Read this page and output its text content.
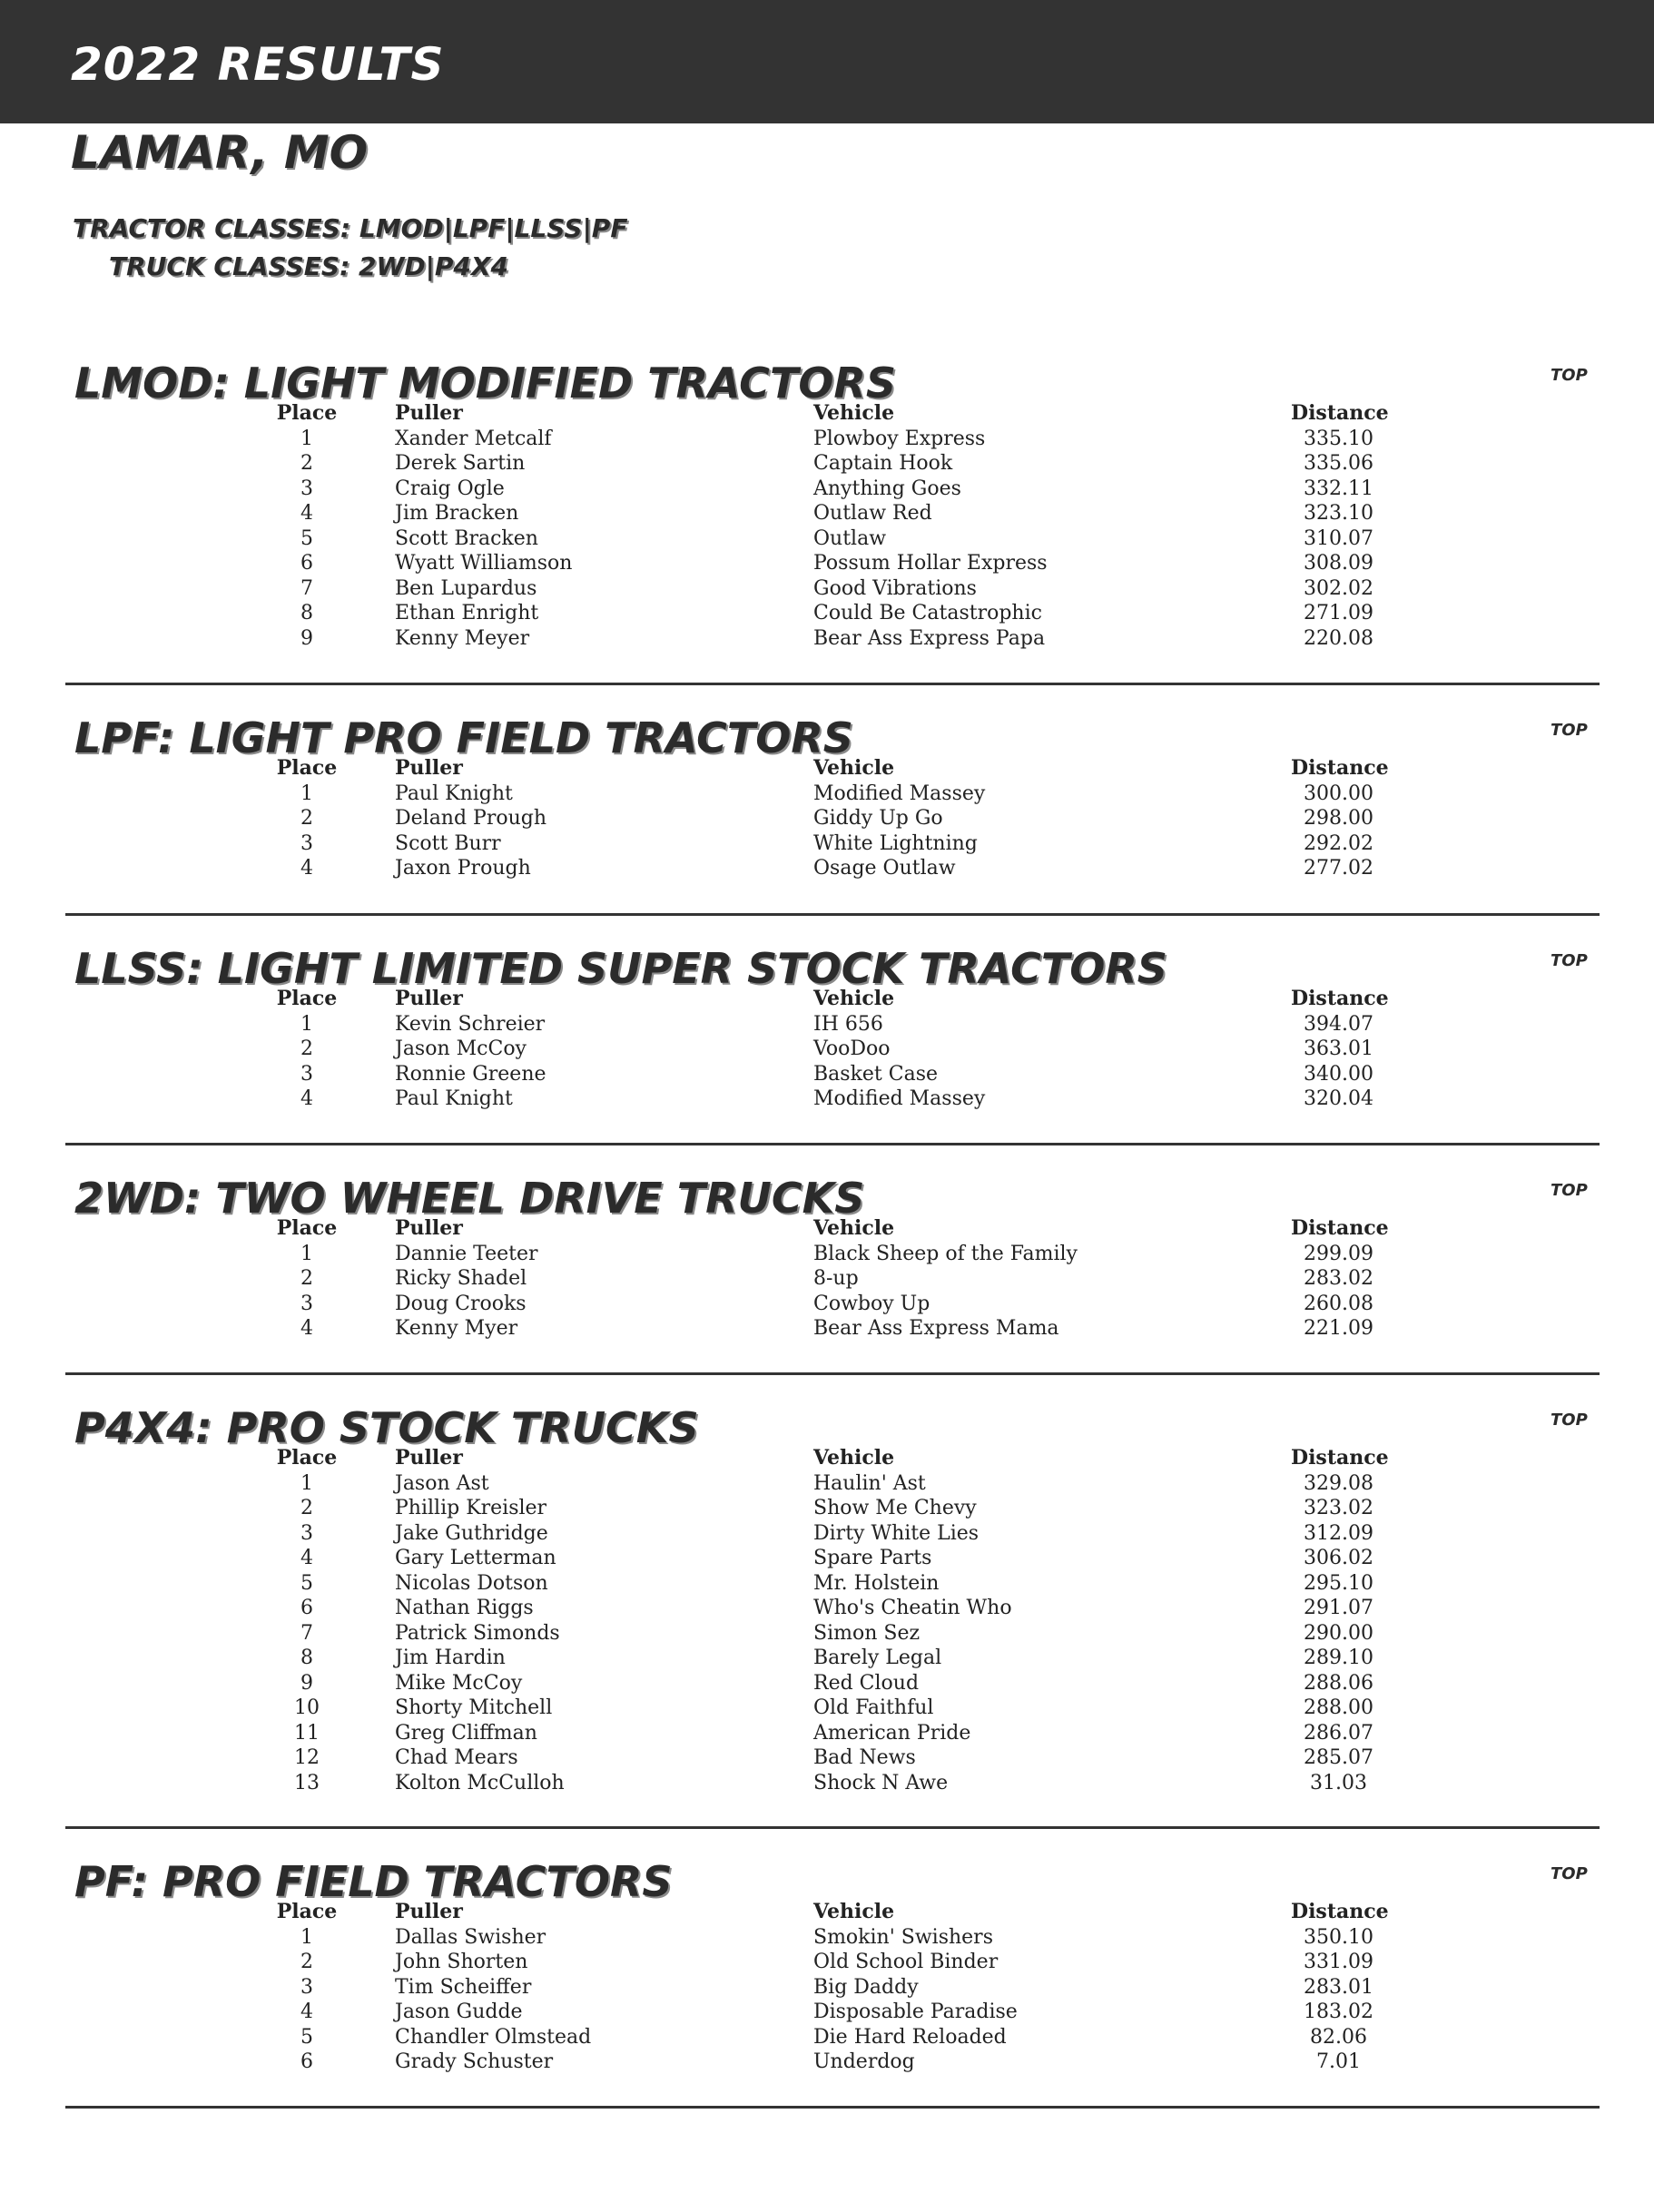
2022 RESULTS
LAMAR, MO
TRACTOR CLASSES: LMOD|LPF|LLSS|PF
TRUCK CLASSES: 2WD|P4X4
LMOD: LIGHT MODIFIED TRACTORS	TOP
Place	Puller	Vehicle	Distance
1	Xander Metcalf	Plowboy Express	335.10
2	Derek Sartin	Captain Hook	335.06
3	Craig Ogle	Anything Goes	332.11
4	Jim Bracken	Outlaw Red	323.10
5	Scott Bracken	Outlaw	310.07
6	Wyatt Williamson	Possum Hollar Express	308.09
7	Ben Lupardus	Good Vibrations	302.02
8	Ethan Enright	Could Be Catastrophic	271.09
9	Kenny Meyer	Bear Ass Express Papa	220.08
LPF: LIGHT PRO FIELD TRACTORS	TOP
Place	Puller	Vehicle	Distance
1	Paul Knight	Modified Massey	300.00
2	Deland Prough	Giddy Up Go	298.00
3	Scott Burr	White Lightning	292.02
4	Jaxon Prough	Osage Outlaw	277.02
LLSS: LIGHT LIMITED SUPER STOCK TRACTORS	TOP
Place	Puller	Vehicle	Distance
1	Kevin Schreier	IH 656	394.07
2	Jason McCoy	VooDoo	363.01
3	Ronnie Greene	Basket Case	340.00
4	Paul Knight	Modified Massey	320.04
2WD: TWO WHEEL DRIVE TRUCKS	TOP
Place	Puller	Vehicle	Distance
1	Dannie Teeter	Black Sheep of the Family	299.09
2	Ricky Shadel	8-up	283.02
3	Doug Crooks	Cowboy Up	260.08
4	Kenny Myer	Bear Ass Express Mama	221.09
P4X4: PRO STOCK TRUCKS	TOP
Place	Puller	Vehicle	Distance
1	Jason Ast	Haulin' Ast	329.08
2	Phillip Kreisler	Show Me Chevy	323.02
3	Jake Guthridge	Dirty White Lies	312.09
4	Gary Letterman	Spare Parts	306.02
5	Nicolas Dotson	Mr. Holstein	295.10
6	Nathan Riggs	Who's Cheatin Who	291.07
7	Patrick Simonds	Simon Sez	290.00
8	Jim Hardin	Barely Legal	289.10
9	Mike McCoy	Red Cloud	288.06
10	Shorty Mitchell	Old Faithful	288.00
11	Greg Cliffman	American Pride	286.07
12	Chad Mears	Bad News	285.07
13	Kolton McCulloh	Shock N Awe	31.03
PF: PRO FIELD TRACTORS	TOP
Place	Puller	Vehicle	Distance
1	Dallas Swisher	Smokin' Swishers	350.10
2	John Shorten	Old School Binder	331.09
3	Tim Scheiffer	Big Daddy	283.01
4	Jason Gudde	Disposable Paradise	183.02
5	Chandler Olmstead	Die Hard Reloaded	82.06
6	Grady Schuster	Underdog	7.01
